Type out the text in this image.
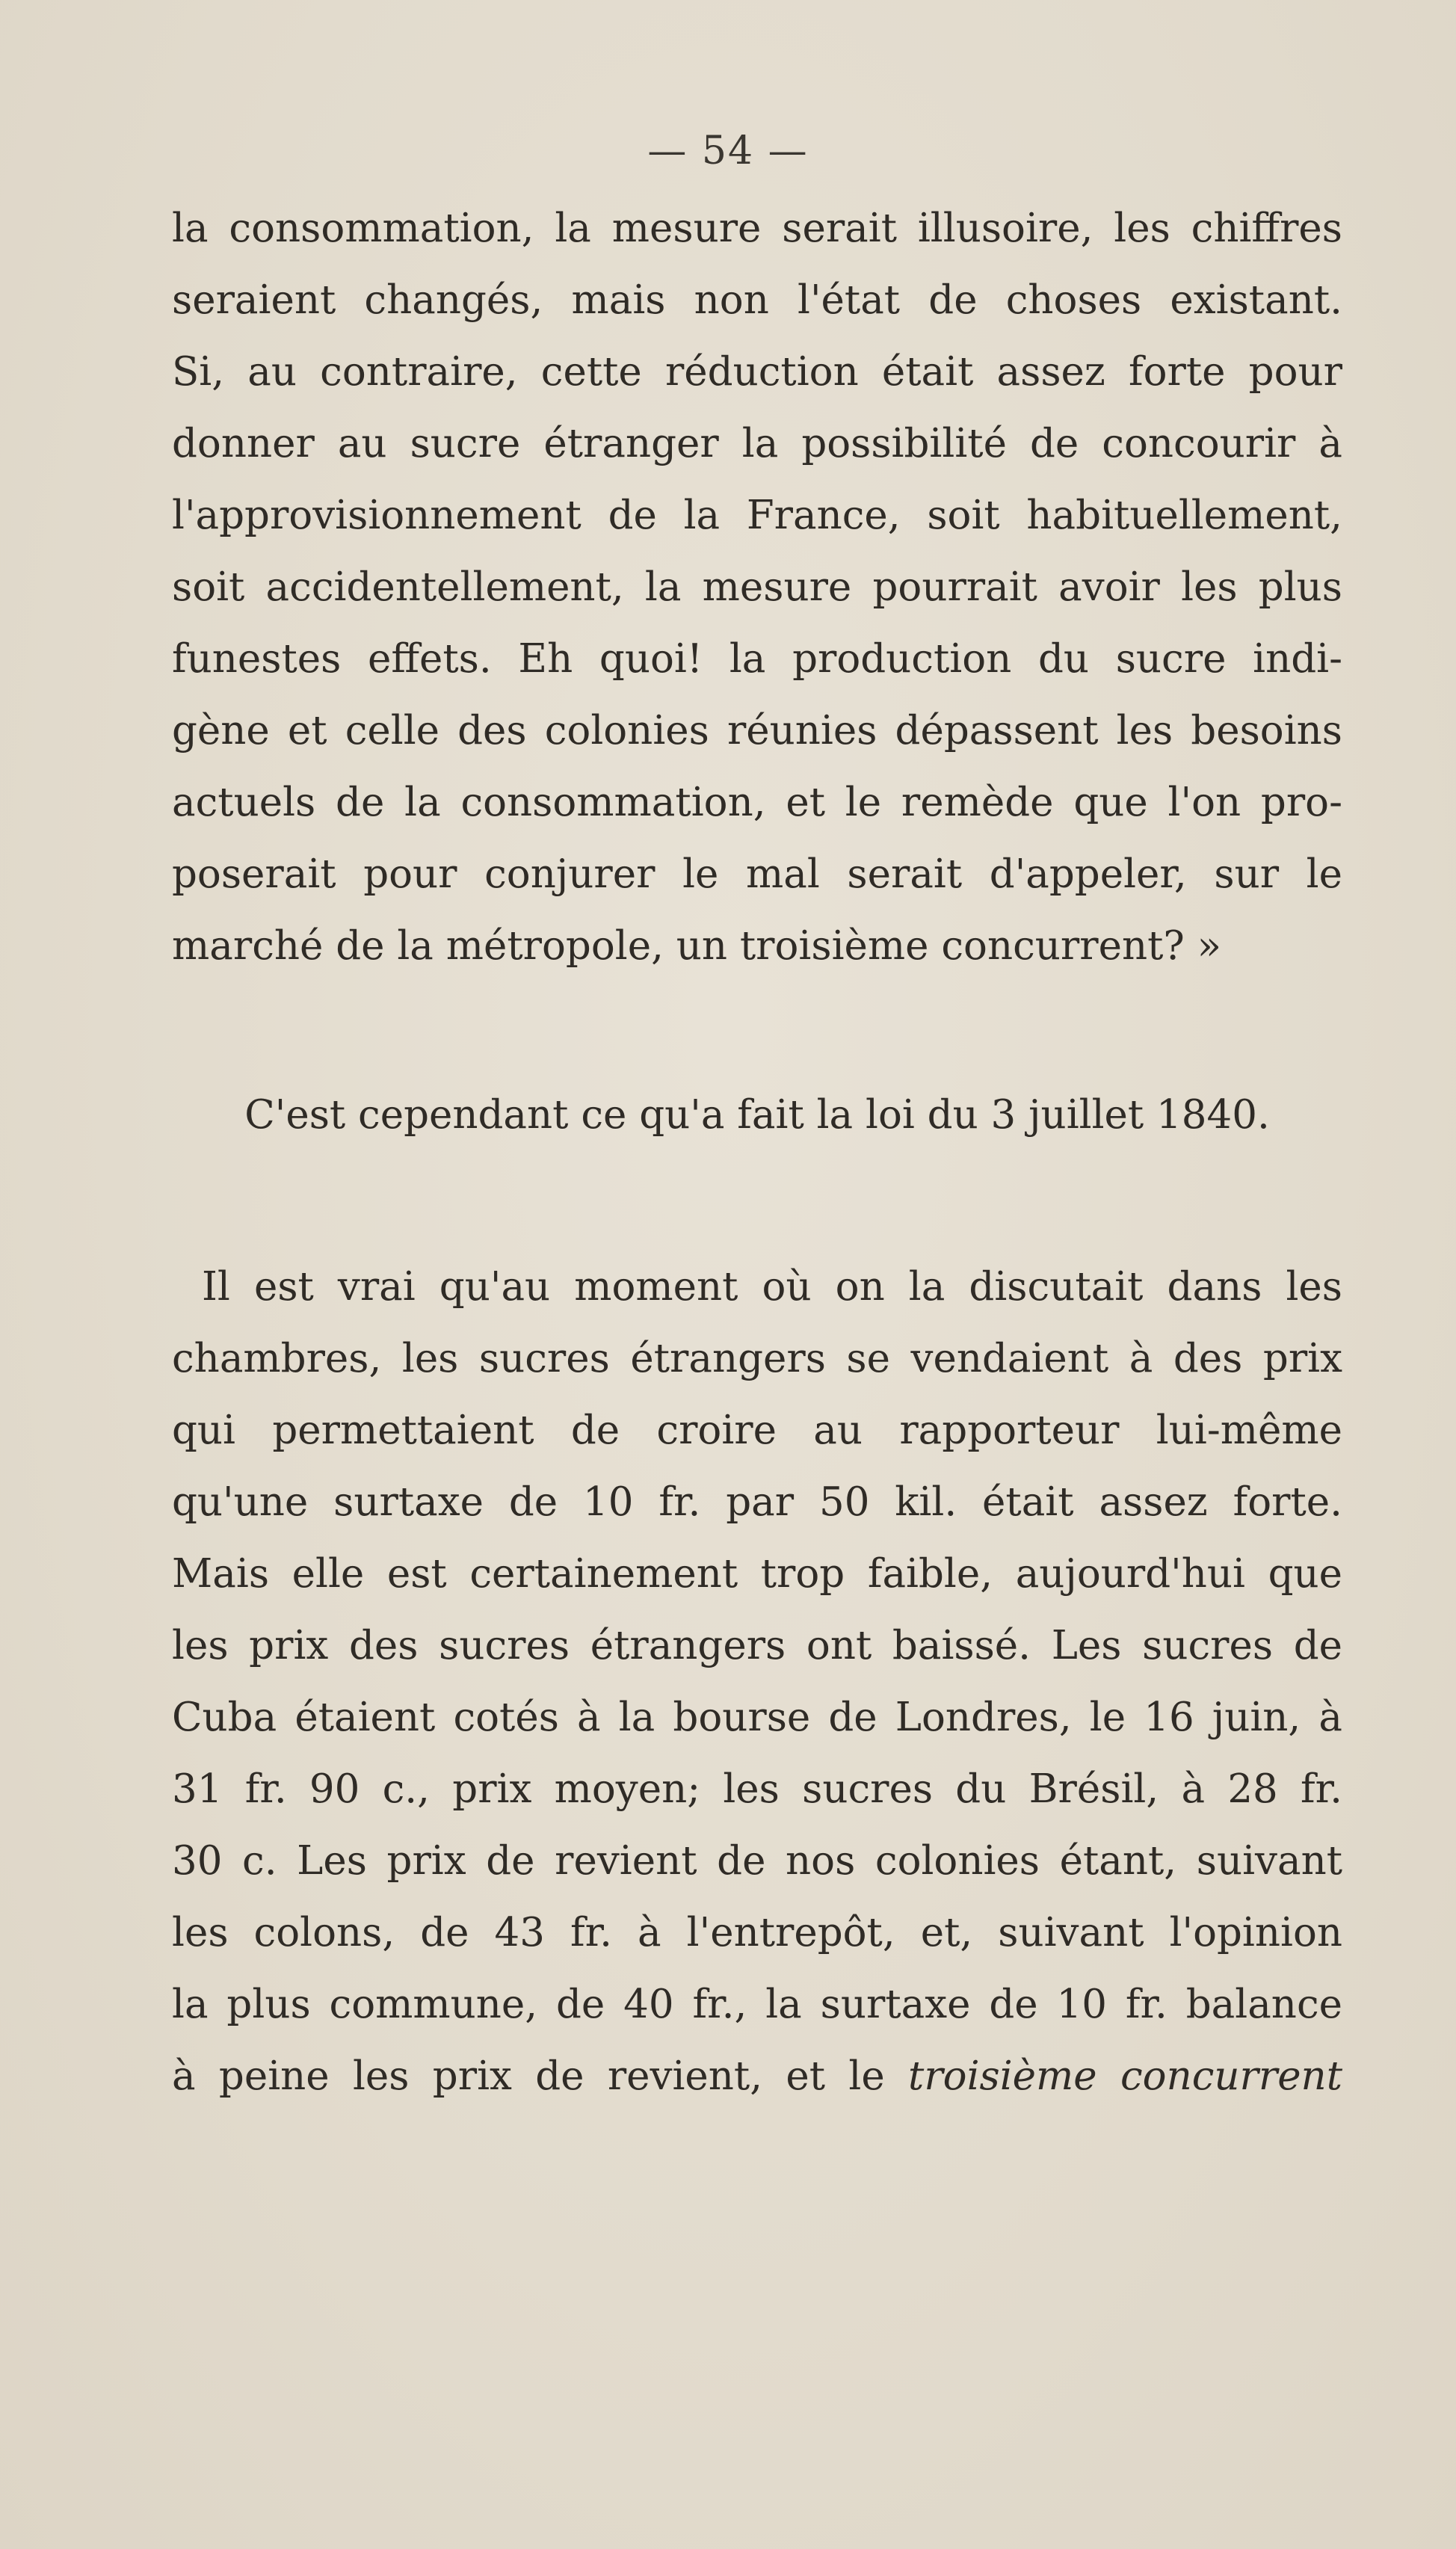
— 54 —
la consommation, la mesure serait illusoire, les chiffres
seraient changés, mais non l'état de choses existant.
Si, au contraire, cette réduction était assez forte pour
donner au sucre étranger la possibilité de concourir à
l'approvisionnement de la France, soit habituellement,
soit accidentellement, la mesure pourrait avoir les plus
funestes effets. Eh quoi! la production du sucre indi-
gène et celle des colonies réunies dépassent les besoins
actuels de la consommation, et le remède que l'on pro-
poserait pour conjurer le mal serait d'appeler, sur le
marché de la métropole, un troisième concurrent? »
C'est cependant ce qu'a fait la loi du 3 juillet 1840.
Il est vrai qu'au moment où on la discutait dans les
chambres, les sucres étrangers se vendaient à des prix
qui permettaient de croire au rapporteur lui-même
qu'une surtaxe de 10 fr. par 50 kil. était assez forte.
Mais elle est certainement trop faible, aujourd'hui que
les prix des sucres étrangers ont baissé. Les sucres de
Cuba étaient cotés à la bourse de Londres, le 16 juin, à
31 fr. 90 c., prix moyen; les sucres du Brésil, à 28 fr.
30 c. Les prix de revient de nos colonies étant, suivant
les colons, de 43 fr. à l'entrepôt, et, suivant l'opinion
la plus commune, de 40 fr., la surtaxe de 10 fr. balance
à peine les prix de revient, et le troisième concurrent
